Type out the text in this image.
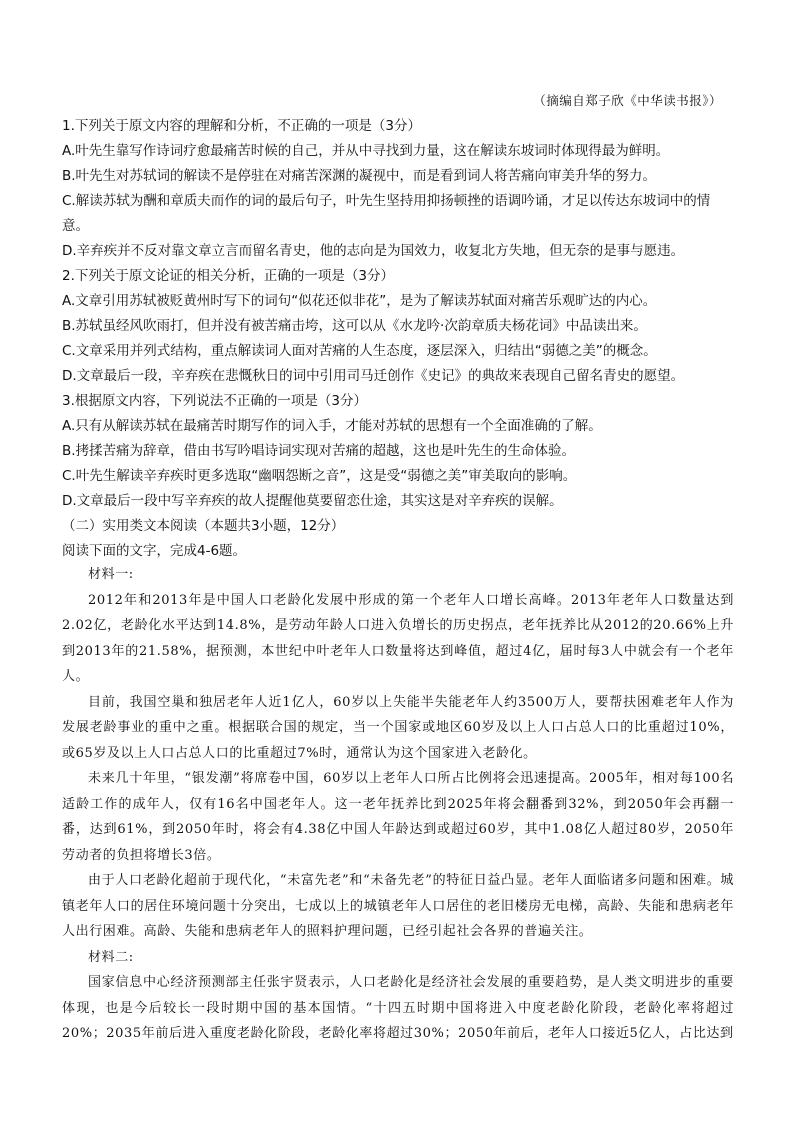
（摘编自郑子欣《中华读书报》）

1.下列关于原文内容的理解和分析，不正确的一项是（3分）

A.叶先生靠写作诗词疗愈最痛苦时候的自己，并从中寻找到力量，这在解读东坡词时体现得最为鲜明。

B.叶先生对苏轼词的解读不是停驻在对痛苦深渊的凝视中，而是看到词人将苦痛向审美升华的努力。

C.解读苏轼为酬和章质夫而作的词的最后句子，叶先生坚持用抑扬顿挫的语调吟诵，才足以传达东坡词中的情意。

D.辛弃疾并不反对靠文章立言而留名青史，他的志向是为国效力，收复北方失地，但无奈的是事与愿违。

2.下列关于原文论证的相关分析，正确的一项是（3分）

A.文章引用苏轼被贬黄州时写下的词句“似花还似非花”，是为了解读苏轼面对痛苦乐观旷达的内心。

B.苏轼虽经风吹雨打，但并没有被苦痛击垮，这可以从《水龙吟·次韵章质夫杨花词》中品读出来。

C.文章采用并列式结构，重点解读词人面对苦痛的人生态度，逐层深入，归结出“弱德之美”的概念。

D.文章最后一段，辛弃疾在悲慨秋日的词中引用司马迁创作《史记》的典故来表现自己留名青史的愿望。

3.根据原文内容，下列说法不正确的一项是（3分）

A.只有从解读苏轼在最痛苦时期写作的词入手，才能对苏轼的思想有一个全面准确的了解。

B.拷揉苦痛为辞章，借由书写吟唱诗词实现对苦痛的超越，这也是叶先生的生命体验。

C.叶先生解读辛弃疾时更多选取“幽咽怨断之音”，这是受“弱德之美”审美取向的影响。

D.文章最后一段中写辛弃疾的故人提醒他莫要留恋仕途，其实这是对辛弃疾的误解。

（二）实用类文本阅读（本题共3小题，12分）

阅读下面的文字，完成4-6题。

材料一:

2012年和2013年是中国人口老龄化发展中形成的第一个老年人口增长高峰。2013年老年人口数量达到2.02亿，老龄化水平达到14.8%，是劳动年龄人口进入负增长的历史拐点，老年抚养比从2012的20.66%上升到2013年的21.58%，据预测，本世纪中叶老年人口数量将达到峰值，超过4亿，届时每3人中就会有一个老年人。

目前，我国空巢和独居老年人近1亿人，60岁以上失能半失能老年人约3500万人，要帮扶困难老年人作为发展老龄事业的重中之重。根据联合国的规定，当一个国家或地区60岁及以上人口占总人口的比重超过10%，或65岁及以上人口占总人口的比重超过7%时，通常认为这个国家进入老龄化。

未来几十年里，“银发潮”将席卷中国，60岁以上老年人口所占比例将会迅速提高。2005年，相对每100名适龄工作的成年人，仅有16名中国老年人。这一老年抚养比到2025年将会翻番到32%，到2050年会再翻一番，达到61%，到2050年时，将会有4.38亿中国人年龄达到或超过60岁，其中1.08亿人超过80岁，2050年劳动者的负担将增长3倍。

由于人口老龄化超前于现代化，“未富先老”和“未备先老”的特征日益凸显。老年人面临诸多问题和困难。城镇老年人口的居住环境问题十分突出，七成以上的城镇老年人口居住的老旧楼房无电梯，高龄、失能和患病老年人出行困难。高龄、失能和患病老年人的照料护理问题，已经引起社会各界的普遍关注。

材料二:

国家信息中心经济预测部主任张宇贤表示，人口老龄化是经济社会发展的重要趋势，是人类文明进步的重要体现，也是今后较长一段时期中国的基本国情。“十四五时期中国将进入中度老龄化阶段，老龄化率将超过20%；2035年前后进入重度老龄化阶段，老龄化率将超过30%；2050年前后，老年人口接近5亿人，占比达到
